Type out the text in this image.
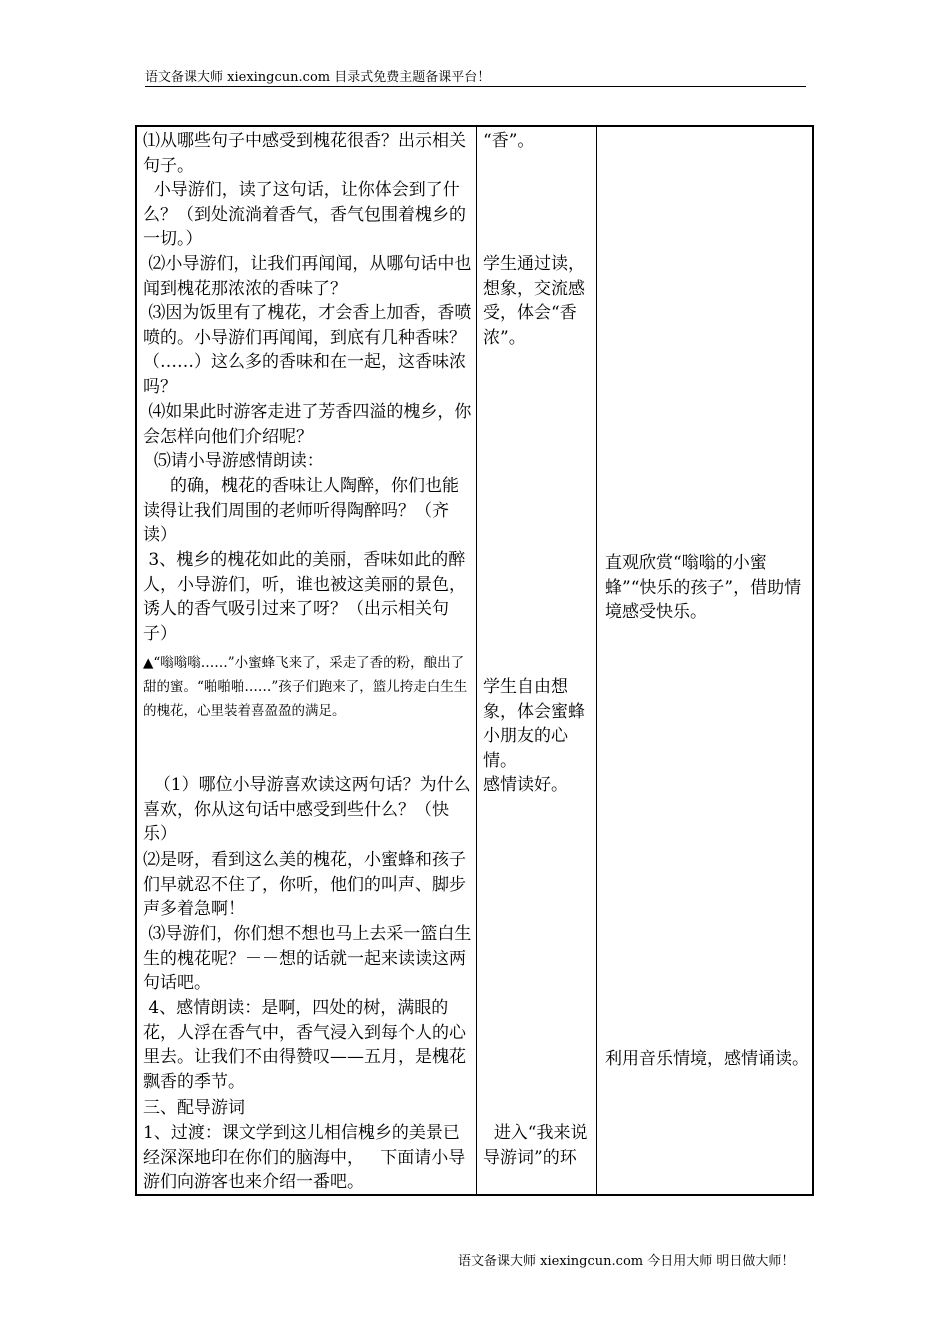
语文备课大师 xiexingcun.com 目录式免费主题备课平台！
⑴从哪些句子中感受到槐花很香？出示相关句子。
小导游们，读了这句话，让你体会到了什么？（到处流淌着香气，香气包围着槐乡的一切。）
⑵小导游们，让我们再闻闻，从哪句话中也闻到槐花那浓浓的香味了？
⑶因为饭里有了槐花，才会香上加香，香喷喷的。小导游们再闻闻，到底有几种香味？（……）这么多的香味和在一起，这香味浓吗？
⑷如果此时游客走进了芳香四溢的槐乡，你会怎样向他们介绍呢？
⑸请小导游感情朗读：
的确，槐花的香味让人陶醉，你们也能读得让我们周围的老师听得陶醉吗？（齐读）
3、槐乡的槐花如此的美丽，香味如此的醉人，小导游们，听，谁也被这美丽的景色，诱人的香气吸引过来了呀？（出示相关句子）
▲“嗡嗡嗡……”小蜜蜂飞来了，采走了香的粉，酿出了甜的蜜。“啪啪啪……”孩子们跑来了，篮儿挎走白生生的槐花，心里装着喜盈盈的满足。
（1）哪位小导游喜欢读这两句话？为什么喜欢，你从这句话中感受到些什么？（快乐）
⑵是呀，看到这么美的槐花，小蜜蜂和孩子们早就忍不住了，你听，他们的叫声、脚步声多着急啊！
⑶导游们，你们想不想也马上去采一篮白生生的槐花呢？－－想的话就一起来读读这两句话吧。
4、感情朗读：是啊，四处的树，满眼的花，人浮在香气中，香气浸入到每个人的心里去。让我们不由得赞叹——五月，是槐花飘香的季节。
三、配导游词
1、过渡：课文学到这儿相信槐乡的美景已经深深地印在你们的脑海中，   下面请小导游们向游客也来介绍一番吧。
“香”。
学生通过读，想象，交流感受，体会“香浓”。
学生自由想象，体会蜜蜂小朋友的心情。
感情读好。
进入“我来说导游词”的环
直观欣赏“嗡嗡的小蜜蜂”“快乐的孩子”，借助情境感受快乐。
利用音乐情境，感情诵读。
语文备课大师 xiexingcun.com 今日用大师 明日做大师！
